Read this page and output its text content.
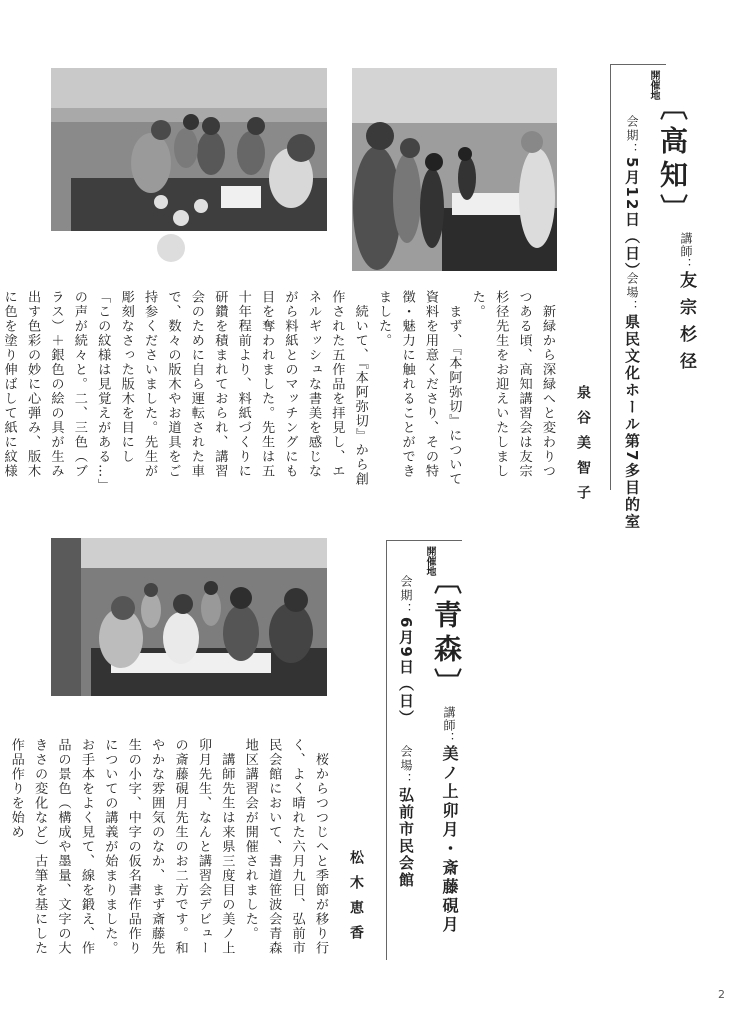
開催地
〔高知〕
会期：5月12日（日）	講師：友宗杉径
会場：県民文化ホール第7多目的室
泉谷美智子
　新緑から深緑へと変わりつつある頃、高知講習会は友宗杉径先生をお迎えいたしました。
　まず、『本阿弥切』について資料を用意くださり、その特徴・魅力に触れることができました。
　続いて、『本阿弥切』から創作された五作品を拝見し、エネルギッシュな書美を感じながら料紙とのマッチングにも目を奪われました。先生は五十年程前より、料紙づくりに研鑽を積まれておられ、講習会のために自ら運転された車で、数々の版木やお道具をご持参くださいました。先生が彫刻なさった版木を目にし「この紋様は見覚えがある…」の声が続々と。二、三色（ブラス）＋銀色の絵の具が生み出す色彩の妙に心弾み、版木に色を塗り伸ばして紙に紋様

開催地
〔青森〕
会期：6月9日（日）	講師：美ノ上卯月・斎藤硯月
会場：弘前市民会館
松木恵香
　桜からつつじへと季節が移り行く、よく晴れた六月九日、弘前市民会館において、書道笹波会青森地区講習会が開催されました。
　講師先生は来県三度目の美ノ上卯月先生、なんと講習会デビューの斎藤硯月先生のお二方です。和やかな雰囲気のなか、まず斎藤先生の小字、中字の仮名書作品作りについての講義が始まりました。お手本をよく見て、線を鍛え、作品の景色（構成や墨量、文字の大きさの変化など）古筆を基にした作品作りを始め
2
